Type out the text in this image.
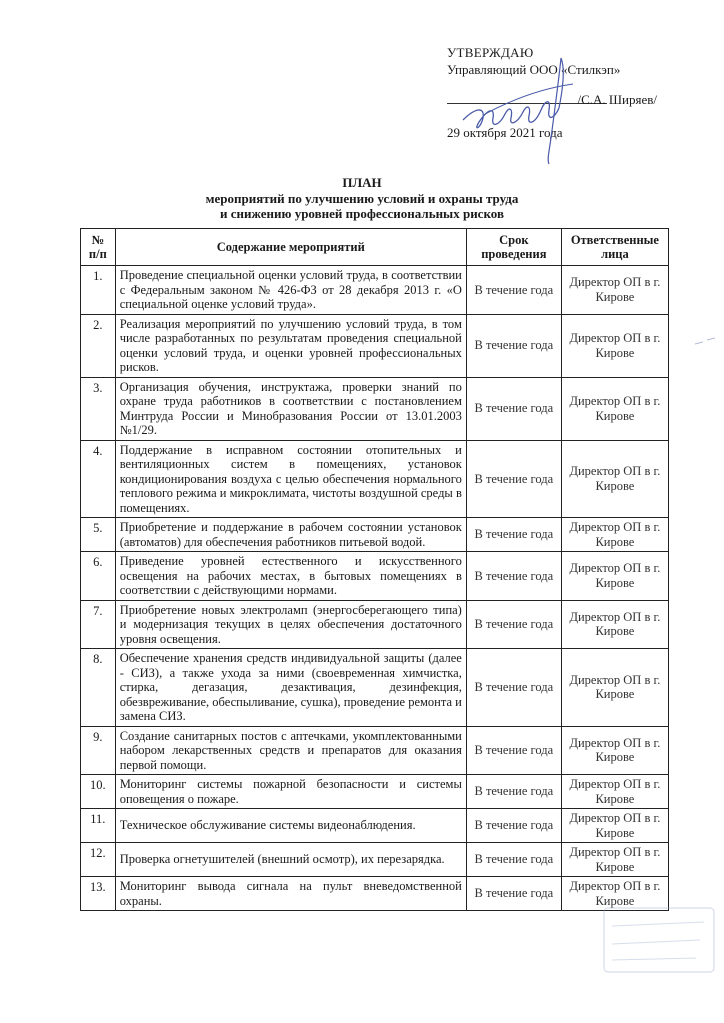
УТВЕРЖДАЮ
Управляющий ООО «Стилкэп»
/С.А. Ширяев/
29 октября 2021 года
ПЛАН
мероприятий по улучшению условий и охраны труда
и снижению уровней профессиональных рисков
№ п/п	Содержание мероприятий	Срок проведения	Ответственные лица
1.	Проведение специальной оценки условий труда, в соответствии с Федеральным законом № 426-ФЗ от 28 декабря 2013 г. «О специальной оценке условий труда».	В течение года	Директор ОП в г. Кирове
2.	Реализация мероприятий по улучшению условий труда, в том числе разработанных по результатам проведения специальной оценки условий труда, и оценки уровней профессиональных рисков.	В течение года	Директор ОП в г. Кирове
3.	Организация обучения, инструктажа, проверки знаний по охране труда работников в соответствии с постановлением Минтруда России и Минобразования России от 13.01.2003 №1/29.	В течение года	Директор ОП в г. Кирове
4.	Поддержание в исправном состоянии отопительных и вентиляционных систем в помещениях, установок кондиционирования воздуха с целью обеспечения нормального теплового режима и микроклимата, чистоты воздушной среды в помещениях.	В течение года	Директор ОП в г. Кирове
5.	Приобретение и поддержание в рабочем состоянии установок (автоматов) для обеспечения работников питьевой водой.	В течение года	Директор ОП в г. Кирове
6.	Приведение уровней естественного и искусственного освещения на рабочих местах, в бытовых помещениях в соответствии с действующими нормами.	В течение года	Директор ОП в г. Кирове
7.	Приобретение новых электроламп (энергосберегающего типа) и модернизация текущих в целях обеспечения достаточного уровня освещения.	В течение года	Директор ОП в г. Кирове
8.	Обеспечение хранения средств индивидуальной защиты (далее - СИЗ), а также ухода за ними (своевременная химчистка, стирка, дегазация, дезактивация, дезинфекция, обезвреживание, обеспыливание, сушка), проведение ремонта и замена СИЗ.	В течение года	Директор ОП в г. Кирове
9.	Создание санитарных постов с аптечками, укомплектованными набором лекарственных средств и препаратов для оказания первой помощи.	В течение года	Директор ОП в г. Кирове
10.	Мониторинг системы пожарной безопасности и системы оповещения о пожаре.	В течение года	Директор ОП в г. Кирове
11.	Техническое обслуживание системы видеонаблюдения.	В течение года	Директор ОП в г. Кирове
12.	Проверка огнетушителей (внешний осмотр), их перезарядка.	В течение года	Директор ОП в г. Кирове
13.	Мониторинг вывода сигнала на пульт вневедомственной охраны.	В течение года	Директор ОП в г. Кирове
